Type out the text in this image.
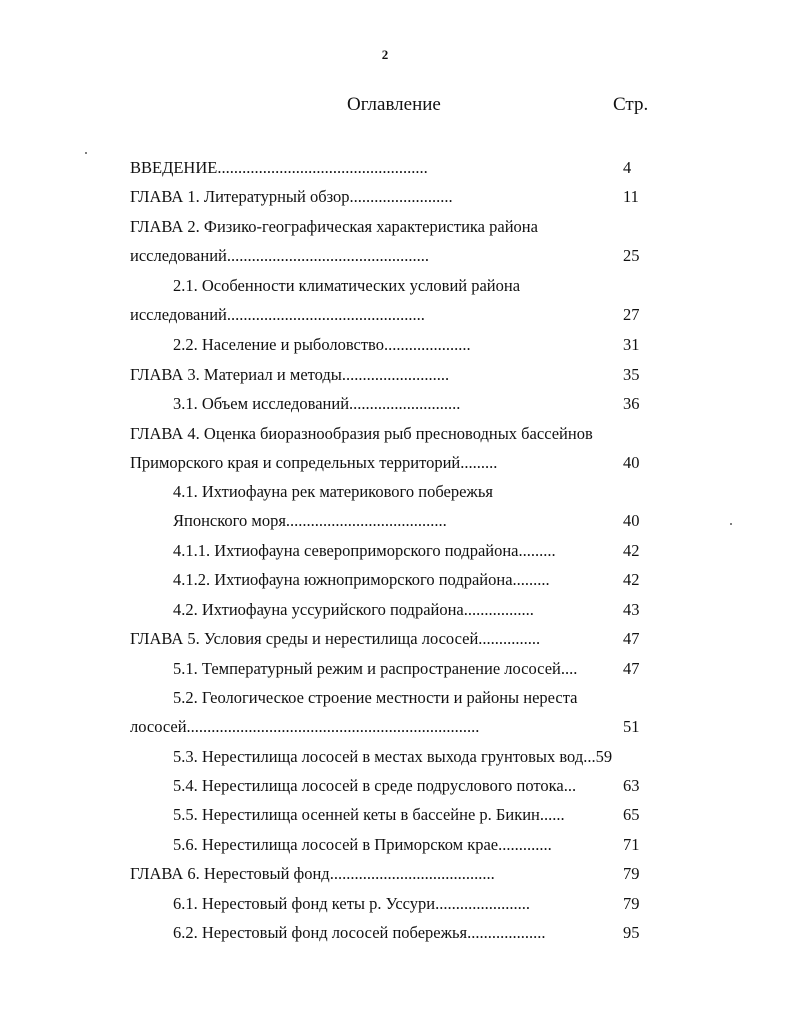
2
Оглавление	Стр.
ВВЕДЕНИЕ...................................................	4
ГЛАВА 1. Литературный обзор.........................	11
ГЛАВА 2. Физико-географическая характеристика района
исследований.................................................	25
2.1. Особенности климатических условий района
исследований................................................	27
2.2. Население и рыболовство.....................	31
ГЛАВА 3. Материал и методы..........................	35
3.1. Объем исследований...........................	36
ГЛАВА 4. Оценка биоразнообразия рыб пресноводных бассейнов
Приморского края и сопредельных территорий.........	40
4.1. Ихтиофауна рек материкового побережья
Японского моря.......................................	40
4.1.1. Ихтиофауна североприморского подрайона.........	42
4.1.2. Ихтиофауна южноприморского подрайона.........	42
4.2. Ихтиофауна уссурийского подрайона.................	43
ГЛАВА 5. Условия среды и нерестилища лососей...............	47
5.1. Температурный режим и распространение лососей....	47
5.2. Геологическое строение местности и районы нереста
лососей.......................................................................	51
5.3. Нерестилища лососей в местах выхода грунтовых вод...59
5.4. Нерестилища лососей в среде подруслового потока...	63
5.5. Нерестилища осенней кеты в бассейне р. Бикин......	65
5.6. Нерестилища лососей в Приморском крае.............	71
ГЛАВА 6. Нерестовый фонд........................................	79
6.1. Нерестовый фонд кеты р. Уссури.......................	79
6.2. Нерестовый фонд лососей побережья...................	95
